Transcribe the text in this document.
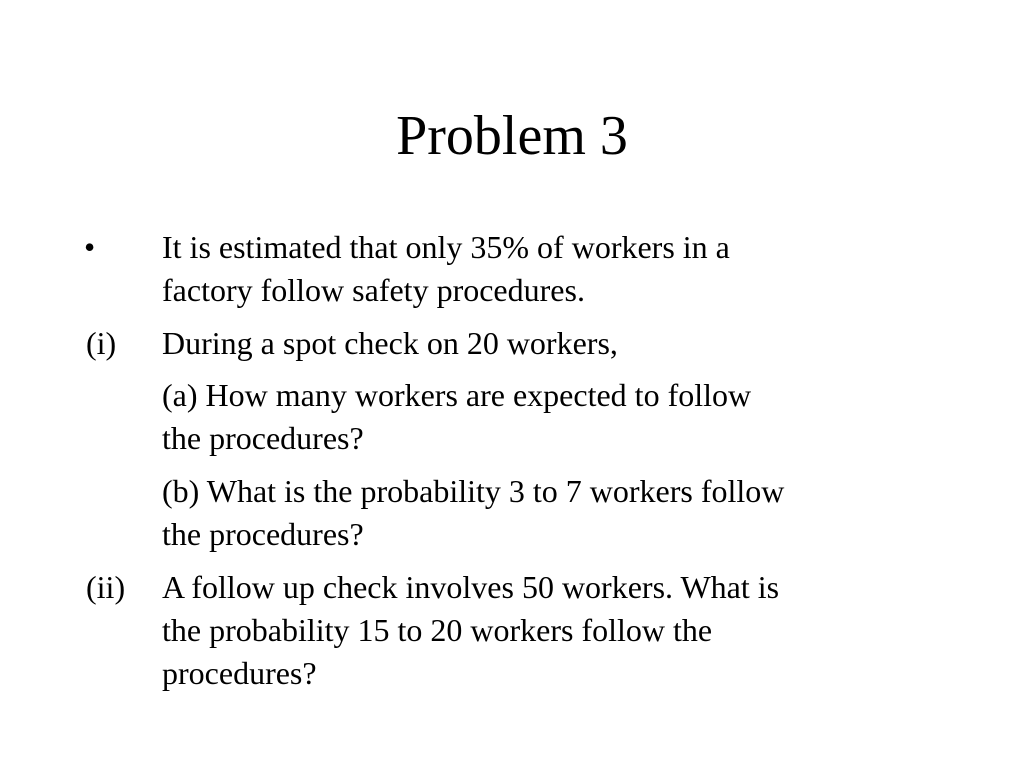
Problem 3
• It is estimated that only 35% of workers in a
factory follow safety procedures.
(i) During a spot check on 20 workers,
(a) How many workers are expected to follow
the procedures?
(b) What is the probability 3 to 7 workers follow
the procedures?
(ii) A follow up check involves 50 workers. What is
the probability 15 to 20 workers follow the
procedures?
